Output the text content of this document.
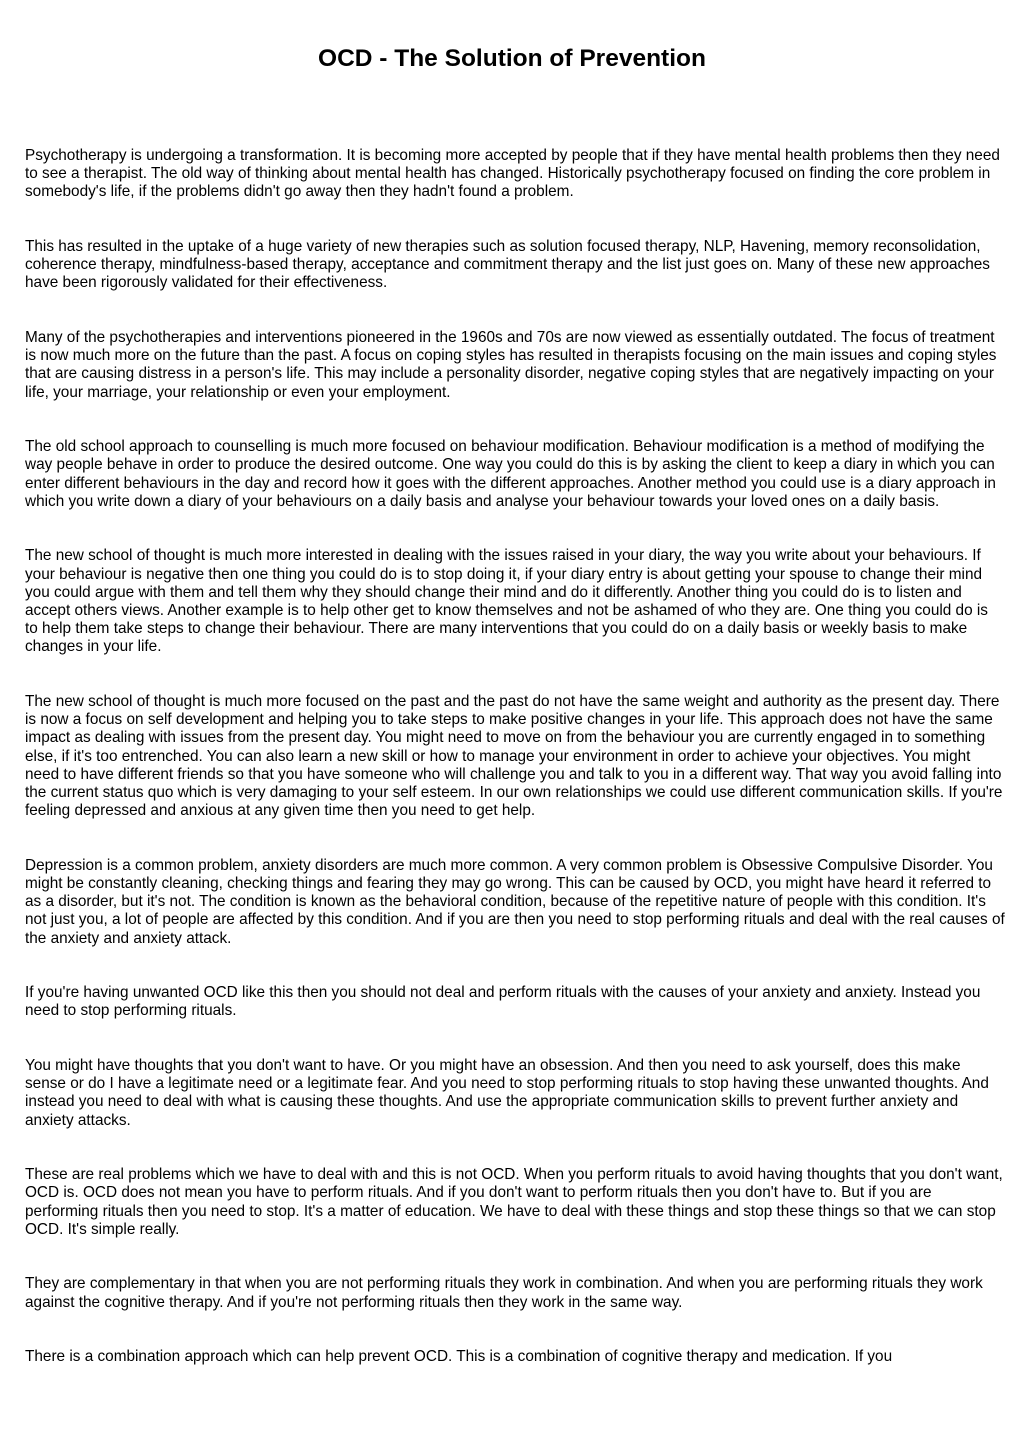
OCD - The Solution of Prevention

Psychotherapy is undergoing a transformation. It is becoming more accepted by people that if they have mental health problems then they need to see a therapist. The old way of thinking about mental health has changed. Historically psychotherapy focused on finding the core problem in somebody's life, if the problems didn't go away then they hadn't found a problem.

This has resulted in the uptake of a huge variety of new therapies such as solution focused therapy, NLP, Havening, memory reconsolidation, coherence therapy, mindfulness-based therapy, acceptance and commitment therapy and the list just goes on. Many of these new approaches have been rigorously validated for their effectiveness.

Many of the psychotherapies and interventions pioneered in the 1960s and 70s are now viewed as essentially outdated. The focus of treatment is now much more on the future than the past. A focus on coping styles has resulted in therapists focusing on the main issues and coping styles that are causing distress in a person's life. This may include a personality disorder, negative coping styles that are negatively impacting on your life, your marriage, your relationship or even your employment.

The old school approach to counselling is much more focused on behaviour modification. Behaviour modification is a method of modifying the way people behave in order to produce the desired outcome. One way you could do this is by asking the client to keep a diary in which you can enter different behaviours in the day and record how it goes with the different approaches. Another method you could use is a diary approach in which you write down a diary of your behaviours on a daily basis and analyse your behaviour towards your loved ones on a daily basis.

The new school of thought is much more interested in dealing with the issues raised in your diary, the way you write about your behaviours. If your behaviour is negative then one thing you could do is to stop doing it, if your diary entry is about getting your spouse to change their mind you could argue with them and tell them why they should change their mind and do it differently. Another thing you could do is to listen and accept others views. Another example is to help other get to know themselves and not be ashamed of who they are. One thing you could do is to help them take steps to change their behaviour. There are many interventions that you could do on a daily basis or weekly basis to make changes in your life.

The new school of thought is much more focused on the past and the past do not have the same weight and authority as the present day. There is now a focus on self development and helping you to take steps to make positive changes in your life. This approach does not have the same impact as dealing with issues from the present day. You might need to move on from the behaviour you are currently engaged in to something else, if it's too entrenched. You can also learn a new skill or how to manage your environment in order to achieve your objectives. You might need to have different friends so that you have someone who will challenge you and talk to you in a different way. That way you avoid falling into the current status quo which is very damaging to your self esteem. In our own relationships we could use different communication skills. If you're feeling depressed and anxious at any given time then you need to get help.

Depression is a common problem, anxiety disorders are much more common. A very common problem is Obsessive Compulsive Disorder. You might be constantly cleaning, checking things and fearing they may go wrong. This can be caused by OCD, you might have heard it referred to as a disorder, but it's not. The condition is known as the behavioral condition, because of the repetitive nature of people with this condition. It's not just you, a lot of people are affected by this condition. And if you are then you need to stop performing rituals and deal with the real causes of the anxiety and anxiety attack.

If you're having unwanted OCD like this then you should not deal and perform rituals with the causes of your anxiety and anxiety. Instead you need to stop performing rituals.

You might have thoughts that you don't want to have. Or you might have an obsession. And then you need to ask yourself, does this make sense or do I have a legitimate need or a legitimate fear. And you need to stop performing rituals to stop having these unwanted thoughts. And instead you need to deal with what is causing these thoughts. And use the appropriate communication skills to prevent further anxiety and anxiety attacks.

These are real problems which we have to deal with and this is not OCD. When you perform rituals to avoid having thoughts that you don't want, OCD is. OCD does not mean you have to perform rituals. And if you don't want to perform rituals then you don't have to. But if you are performing rituals then you need to stop. It's a matter of education. We have to deal with these things and stop these things so that we can stop OCD. It's simple really.

They are complementary in that when you are not performing rituals they work in combination. And when you are performing rituals they work against the cognitive therapy. And if you're not performing rituals then they work in the same way.

There is a combination approach which can help prevent OCD. This is a combination of cognitive therapy and medication. If you
